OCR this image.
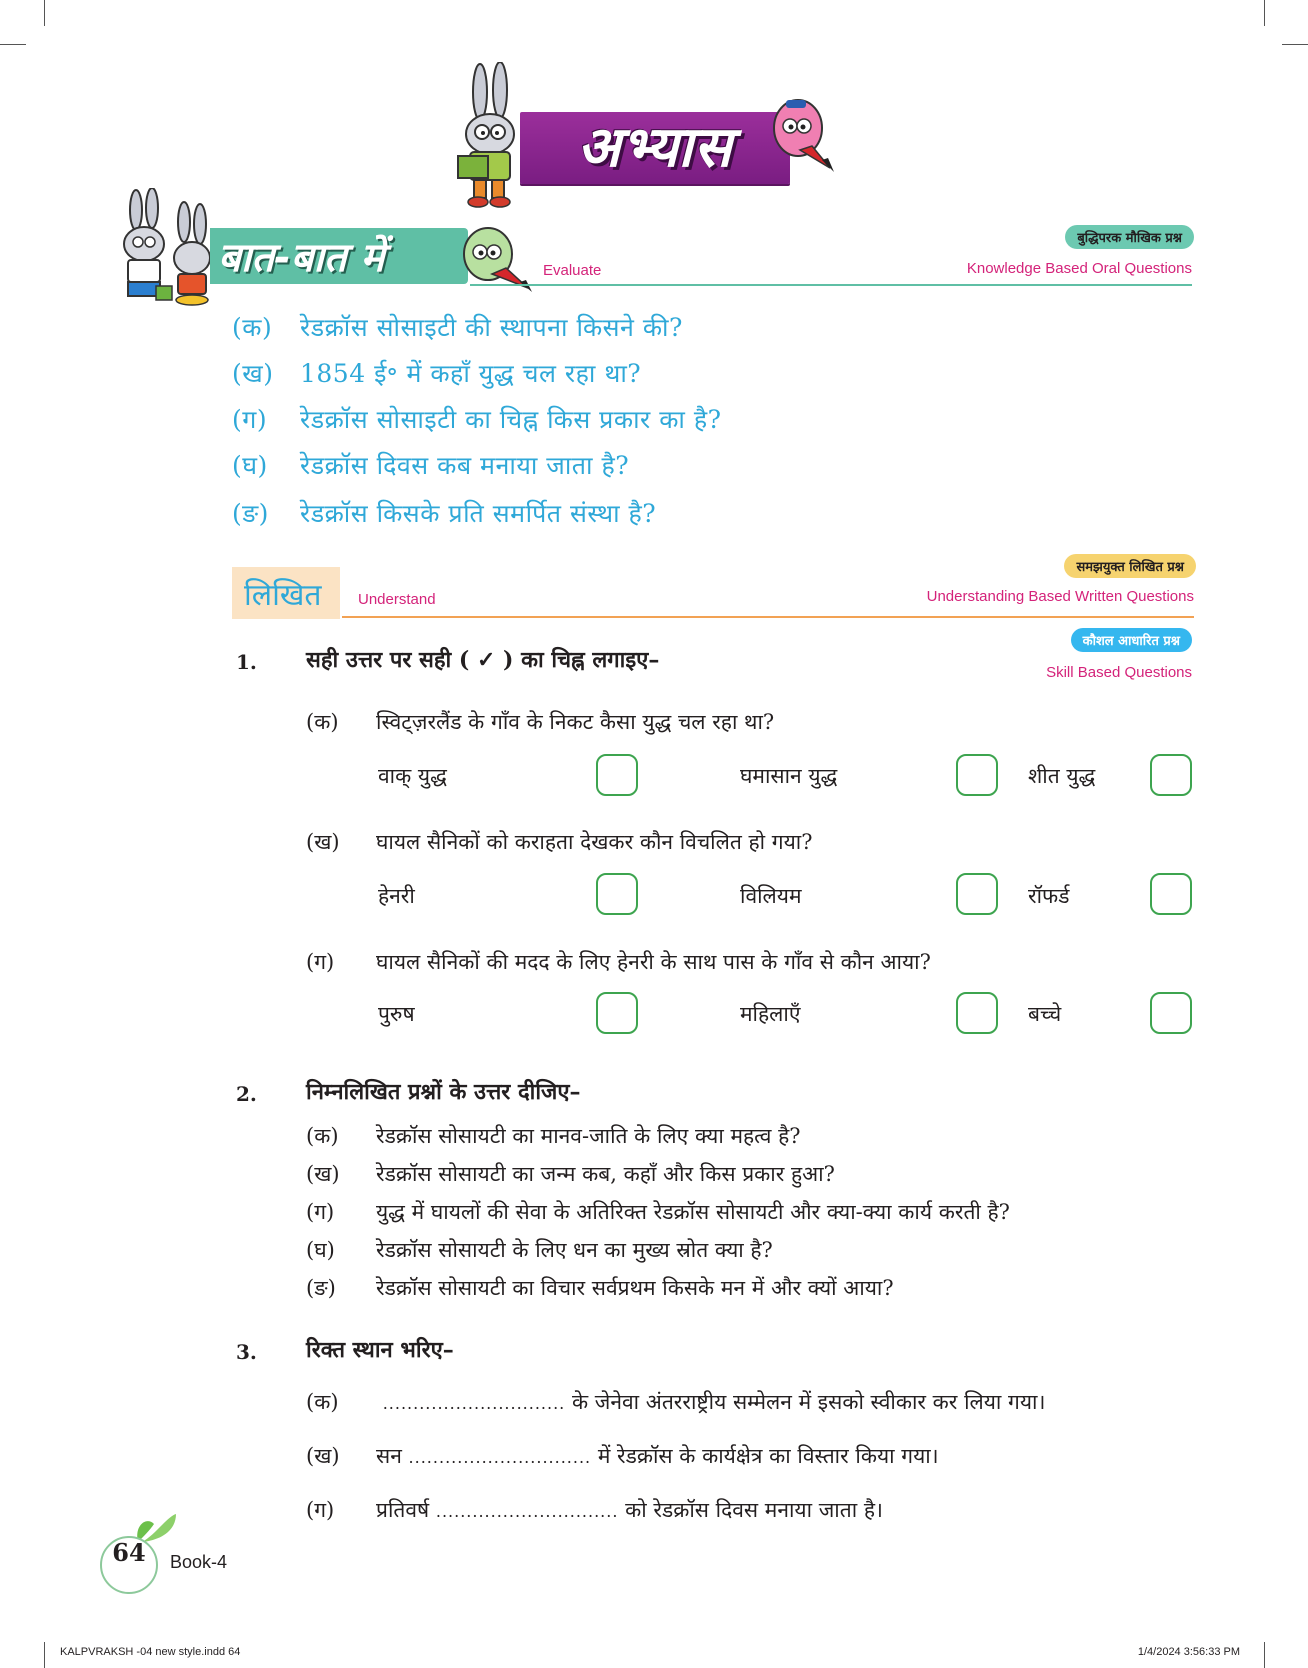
अभ्यास
बात-बात में	Evaluate
बुद्धिपरक मौखिक प्रश्न
Knowledge Based Oral Questions
(क) रेडक्रॉस सोसाइटी की स्थापना किसने की?
(ख) 1854 ई॰ में कहाँ युद्ध चल रहा था?
(ग) रेडक्रॉस सोसाइटी का चिह्न किस प्रकार का है?
(घ) रेडक्रॉस दिवस कब मनाया जाता है?
(ङ) रेडक्रॉस किसके प्रति समर्पित संस्था है?
लिखित Understand
समझयुक्त लिखित प्रश्न
Understanding Based Written Questions
1. सही उत्तर पर सही ( ✓ ) का चिह्न लगाइए–
कौशल आधारित प्रश्न
Skill Based Questions
(क) स्विट्ज़रलैंड के गाँव के निकट कैसा युद्ध चल रहा था?
वाक् युद्ध	घमासान युद्ध	शीत युद्ध
(ख) घायल सैनिकों को कराहता देखकर कौन विचलित हो गया?
हेनरी	विलियम	रॉफर्ड
(ग) घायल सैनिकों की मदद के लिए हेनरी के साथ पास के गाँव से कौन आया?
पुरुष	महिलाएँ	बच्चे
2. निम्नलिखित प्रश्नों के उत्तर दीजिए–
(क) रेडक्रॉस सोसायटी का मानव-जाति के लिए क्या महत्व है?
(ख) रेडक्रॉस सोसायटी का जन्म कब, कहाँ और किस प्रकार हुआ?
(ग) युद्ध में घायलों की सेवा के अतिरिक्त रेडक्रॉस सोसायटी और क्या-क्या कार्य करती है?
(घ) रेडक्रॉस सोसायटी के लिए धन का मुख्य स्रोत क्या है?
(ङ) रेडक्रॉस सोसायटी का विचार सर्वप्रथम किसके मन में और क्यों आया?
3. रिक्त स्थान भरिए–
(क)	.............................. के जेनेवा अंतरराष्ट्रीय सम्मेलन में इसको स्वीकार कर लिया गया।
(ख) सन .............................. में रेडक्रॉस के कार्यक्षेत्र का विस्तार किया गया।
(ग) प्रतिवर्ष .............................. को रेडक्रॉस दिवस मनाया जाता है।
64	Book-4
KALPVRAKSH -04 new style.indd 64	1/4/2024 3:56:33 PM
